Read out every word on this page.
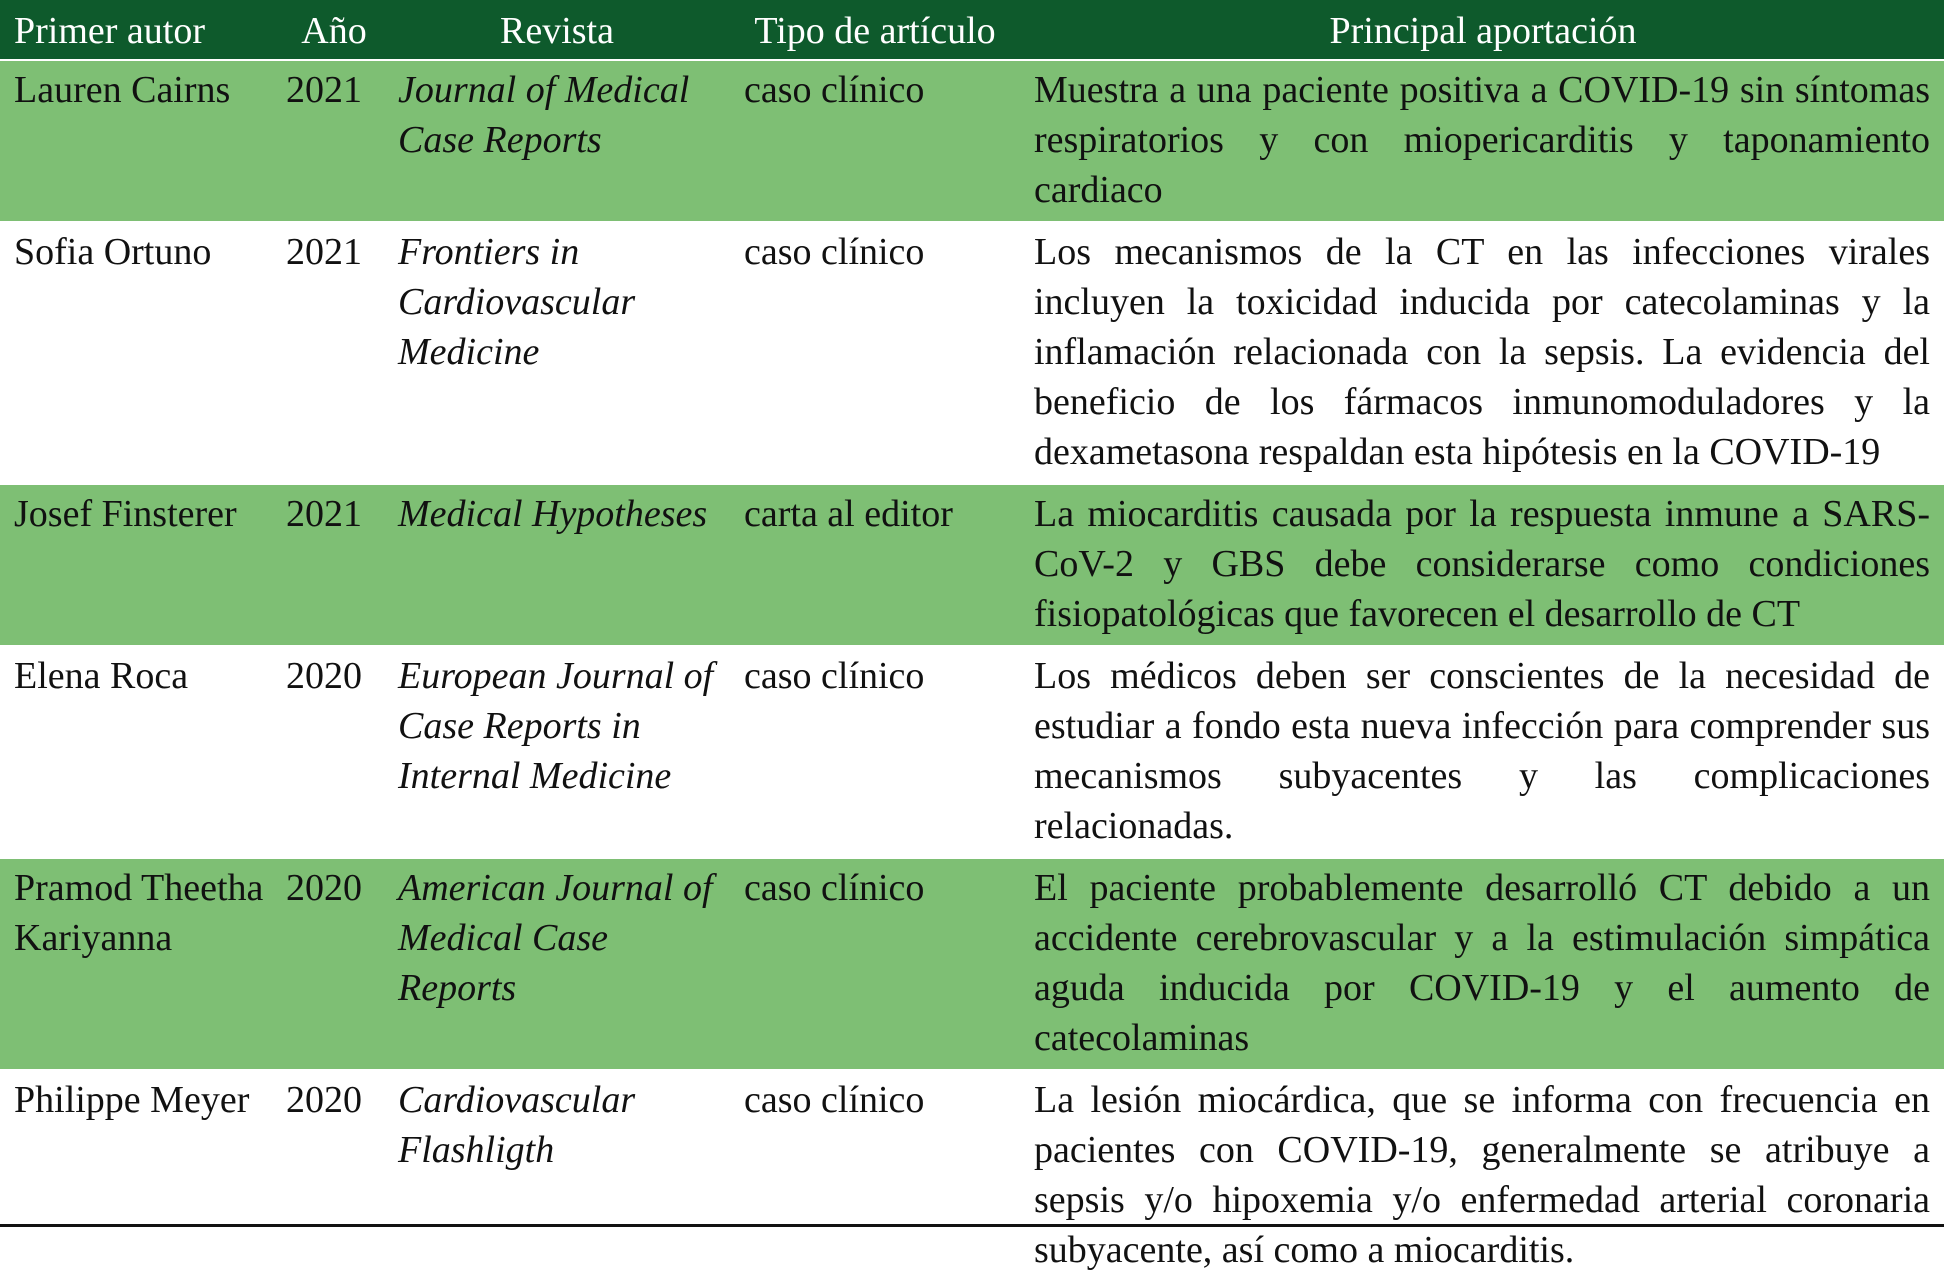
Primer autor	Año	Revista	Tipo de artículo	Principal aportación
Lauren Cairns	2021	Journal of Medical Case Reports	caso clínico	Muestra a una paciente positiva a COVID-19 sin síntomas respiratorios y con miopericarditis y taponamiento cardiaco
Sofia Ortuno	2021	Frontiers in Cardiovascular Medicine	caso clínico	Los mecanismos de la CT en las infecciones virales incluyen la toxicidad inducida por catecolaminas y la inflamación relacionada con la sepsis. La evidencia del beneficio de los fármacos inmunomoduladores y la dexametasona respaldan esta hipótesis en la COVID-19
Josef Finsterer	2021	Medical Hypotheses	carta al editor	La miocarditis causada por la respuesta inmune a SARS-CoV-2 y GBS debe considerarse como condiciones fisiopatológicas que favorecen el desarrollo de CT
Elena Roca	2020	European Journal of Case Reports in Internal Medicine	caso clínico	Los médicos deben ser conscientes de la necesidad de estudiar a fondo esta nueva infección para comprender sus mecanismos subyacentes y las complicaciones relacionadas.
Pramod Theetha Kariyanna	2020	American Journal of Medical Case Reports	caso clínico	El paciente probablemente desarrolló CT debido a un accidente cerebrovascular y a la estimulación simpática aguda inducida por COVID-19 y el aumento de catecolaminas
Philippe Meyer	2020	Cardiovascular Flashligth	caso clínico	La lesión miocárdica, que se informa con frecuencia en pacientes con COVID-19, generalmente se atribuye a sepsis y/o hipoxemia y/o enfermedad arterial coronaria subyacente, así como a miocarditis.
